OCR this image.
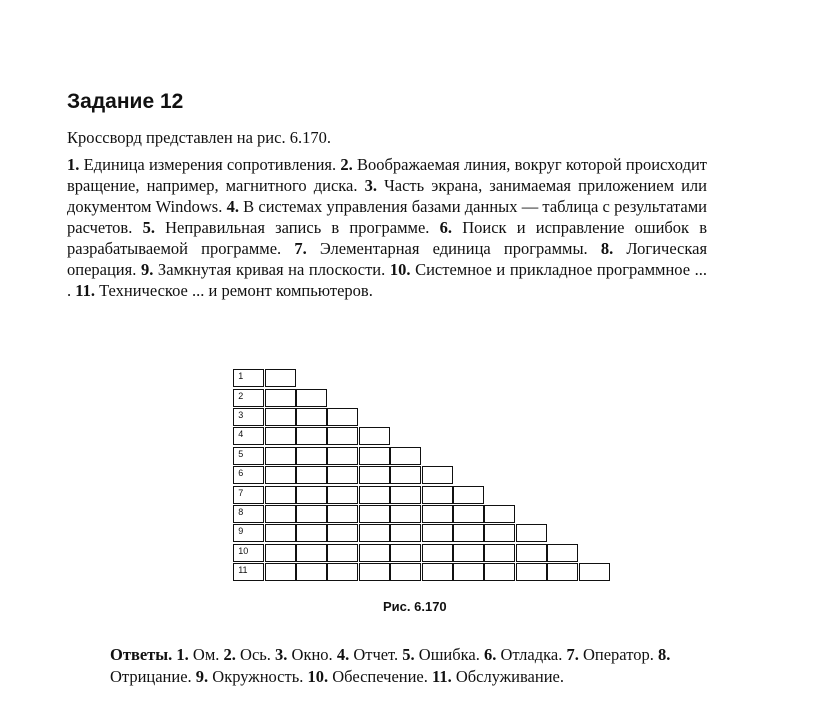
Задание 12

Кроссворд представлен на рис. 6.170.

1. Единица измерения сопротивления. 2. Воображаемая линия, вокруг которой происходит вращение, например, магнитного диска. 3. Часть экрана, занимаемая приложением или документом Windows. 4. В системах управления базами данных — таблица с результатами расчетов. 5. Неправильная запись в программе. 6. Поиск и исправление ошибок в разрабатываемой программе. 7. Элементарная единица программы. 8. Логическая операция. 9. Замкнутая кривая на плоскости. 10. Системное и прикладное программное ... . 11. Техническое ... и ремонт компьютеров.

1
2
3
4
5
6
7
8
9
10
11

Рис. 6.170

Ответы. 1. Ом. 2. Ось. 3. Окно. 4. Отчет. 5. Ошибка. 6. Отладка. 7. Оператор. 8. Отрицание. 9. Окружность. 10. Обеспечение. 11. Обслуживание.
